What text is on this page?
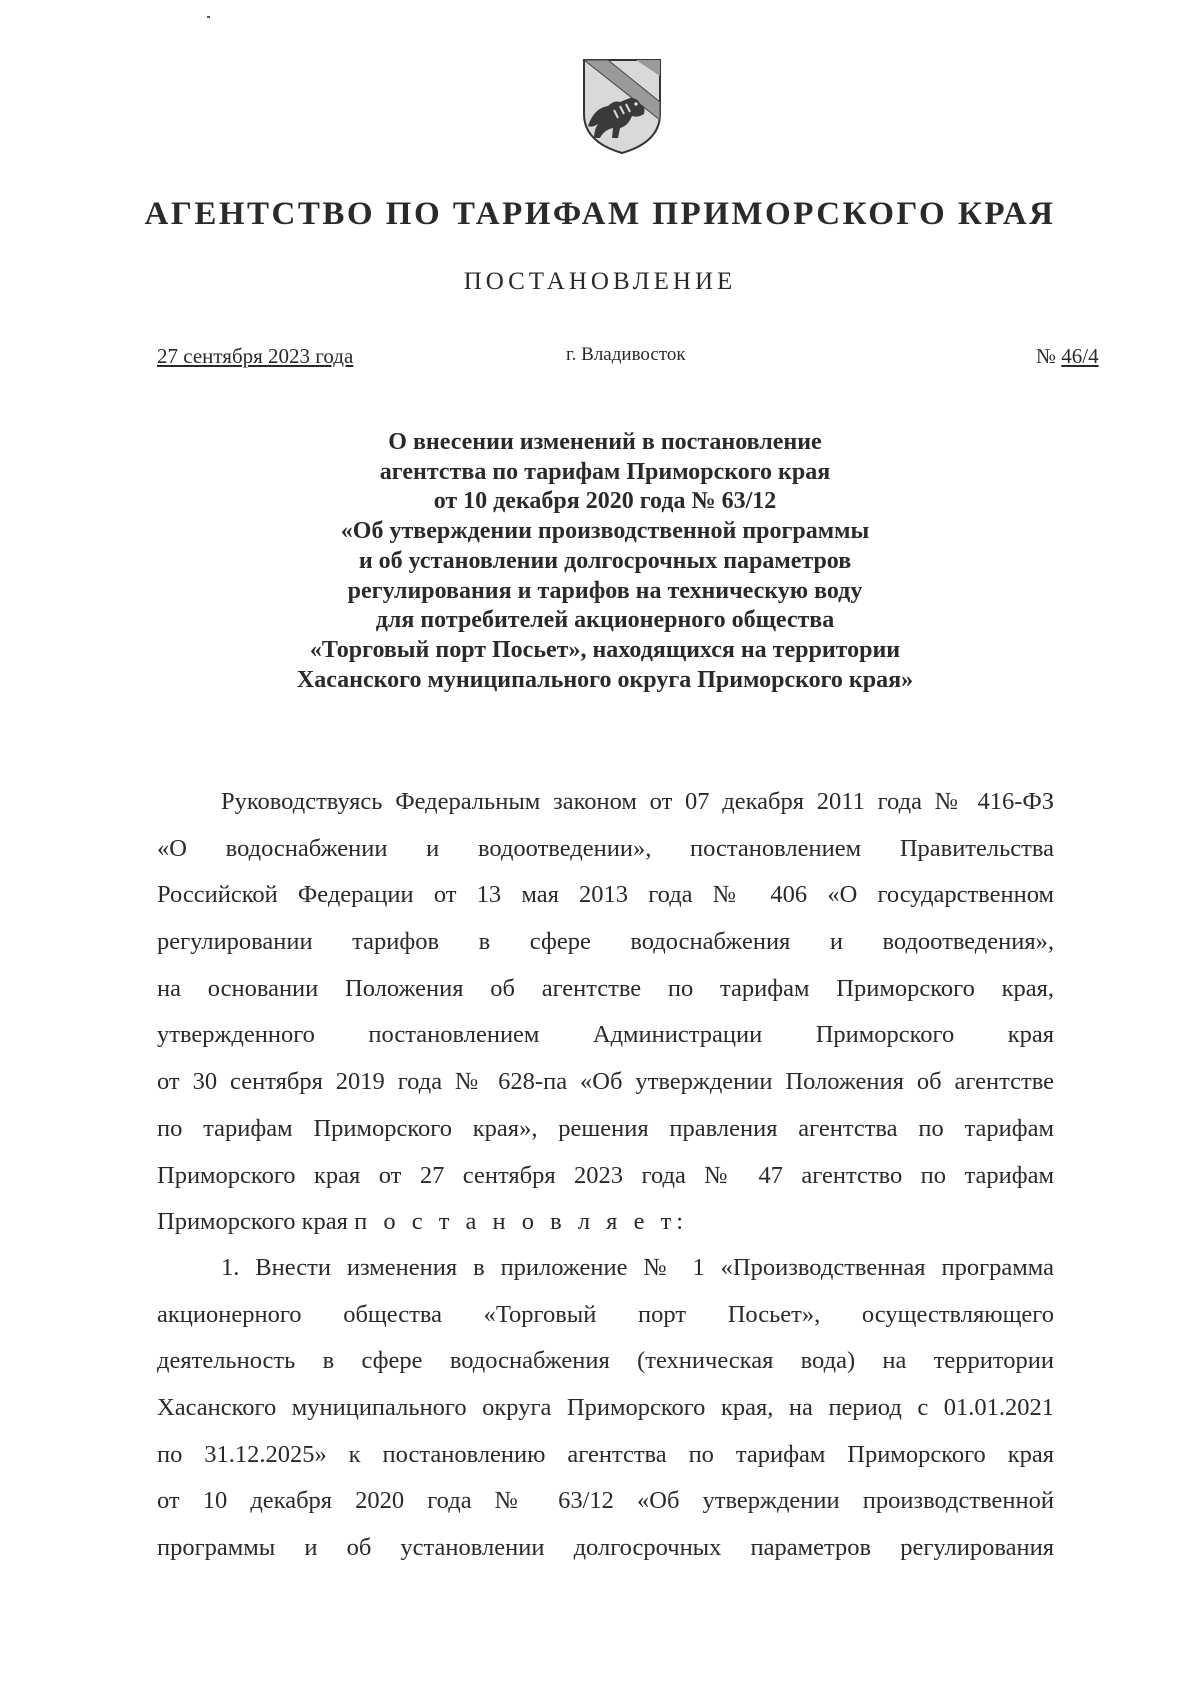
АГЕНТСТВО ПО ТАРИФАМ ПРИМОРСКОГО КРАЯ
ПОСТАНОВЛЕНИЕ
27 сентября 2023 года	г. Владивосток	№ 46/4
О внесении изменений в постановление
агентства по тарифам Приморского края
от 10 декабря 2020 года № 63/12
«Об утверждении производственной программы
и об установлении долгосрочных параметров
регулирования и тарифов на техническую воду
для потребителей акционерного общества
«Торговый порт Посьет», находящихся на территории
Хасанского муниципального округа Приморского края»
Руководствуясь Федеральным законом от 07 декабря 2011 года № 416-ФЗ
«О водоснабжении и водоотведении», постановлением Правительства
Российской Федерации от 13 мая 2013 года № 406 «О государственном
регулировании тарифов в сфере водоснабжения и водоотведения»,
на основании Положения об агентстве по тарифам Приморского края,
утвержденного постановлением Администрации Приморского края
от 30 сентября 2019 года № 628-па «Об утверждении Положения об агентстве
по тарифам Приморского края», решения правления агентства по тарифам
Приморского края от 27 сентября 2023 года № 47 агентство по тарифам
Приморского края п о с т а н о в л я е т:
1. Внести изменения в приложение № 1 «Производственная программа
акционерного общества «Торговый порт Посьет», осуществляющего
деятельность в сфере водоснабжения (техническая вода) на территории
Хасанского муниципального округа Приморского края, на период с 01.01.2021
по 31.12.2025» к постановлению агентства по тарифам Приморского края
от 10 декабря 2020 года № 63/12 «Об утверждении производственной
программы и об установлении долгосрочных параметров регулирования
